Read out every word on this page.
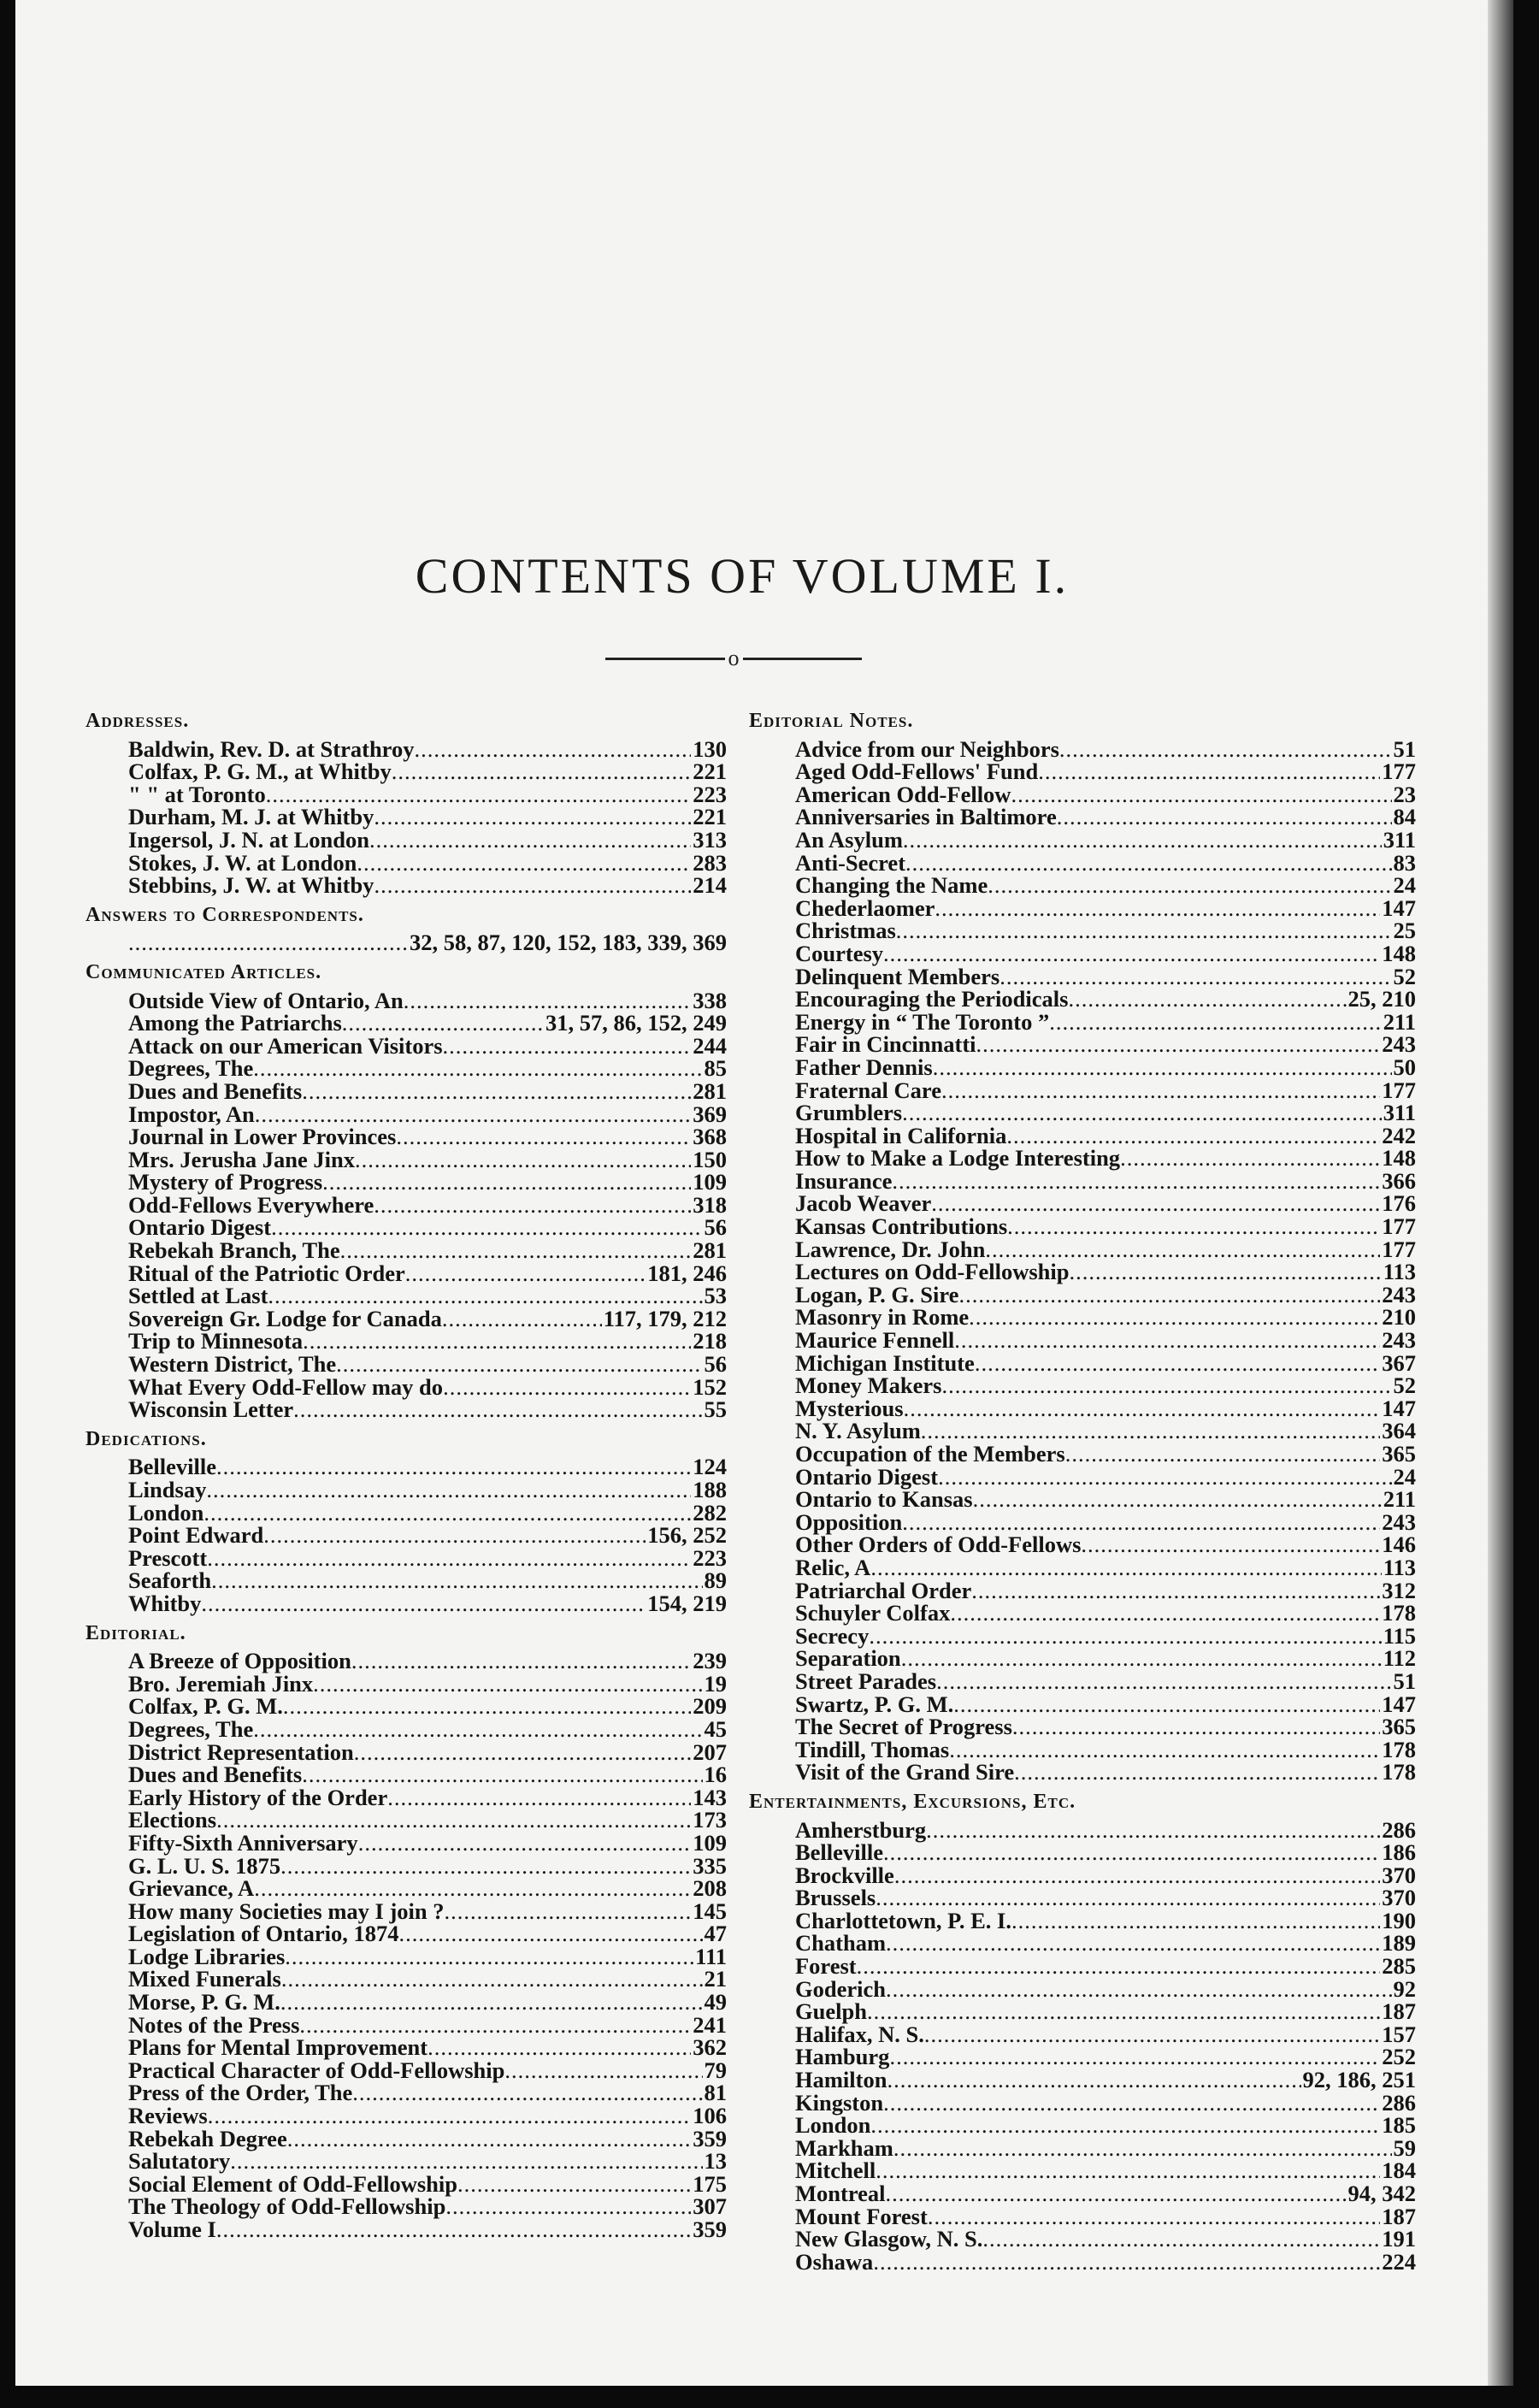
CONTENTS OF VOLUME I.
o
Addresses.
Baldwin, Rev. D. at Strathroy .....	130
Colfax, P. G. M., at Whitby .....	221
" " at Toronto .....	223
Durham, M. J. at Whitby .....	221
Ingersol, J. N. at London .....	313
Stokes, J. W. at London .....	283
Stebbins, J. W. at Whitby .....	214
Answers to Correspondents.
.....
32, 58, 87, 120, 152, 183, 339, 369
Communicated Articles.
Outside View of Ontario, An .....	338
Among the Patriarchs .....	31, 57, 86, 152, 249
Attack on our American Visitors .....	244
Degrees, The .....	85
Dues and Benefits .....	281
Impostor, An .....	369
Journal in Lower Provinces .....	368
Mrs. Jerusha Jane Jinx .....	150
Mystery of Progress .....	109
Odd-Fellows Everywhere .....	318
Ontario Digest .....	56
Rebekah Branch, The .....	281
Ritual of the Patriotic Order .....	181, 246
Settled at Last .....	53
Sovereign Gr. Lodge for Canada .....	117, 179, 212
Trip to Minnesota .....	218
Western District, The .....	56
What Every Odd-Fellow may do .....	152
Wisconsin Letter .....	55
Dedications.
Belleville .....	124
Lindsay .....	188
London .....	282
Point Edward .....	156, 252
Prescott .....	223
Seaforth .....	89
Whitby .....	154, 219
Editorial.
A Breeze of Opposition .....	239
Bro. Jeremiah Jinx .....	19
Colfax, P. G. M. .....	209
Degrees, The .....	45
District Representation .....	207
Dues and Benefits .....	16
Early History of the Order .....	143
Elections .....	173
Fifty-Sixth Anniversary .....	109
G. L. U. S. 1875 .....	335
Grievance, A .....	208
How many Societies may I join ? .....	145
Legislation of Ontario, 1874 .....	47
Lodge Libraries .....	111
Mixed Funerals .....	21
Morse, P. G. M. .....	49
Notes of the Press .....	241
Plans for Mental Improvement .....	362
Practical Character of Odd-Fellowship .....	79
Press of the Order, The .....	81
Reviews .....	106
Rebekah Degree .....	359
Salutatory .....	13
Social Element of Odd-Fellowship .....	175
The Theology of Odd-Fellowship .....	307
Volume I .....	359
Editorial Notes.
Advice from our Neighbors .....	51
Aged Odd-Fellows' Fund .....	177
American Odd-Fellow .....	23
Anniversaries in Baltimore .....	84
An Asylum .....	311
Anti-Secret .....	83
Changing the Name .....	24
Chederlaomer .....	147
Christmas .....	25
Courtesy .....	148
Delinquent Members .....	52
Encouraging the Periodicals .....	25, 210
Energy in “ The Toronto ” .....	211
Fair in Cincinnatti .....	243
Father Dennis .....	50
Fraternal Care .....	177
Grumblers .....	311
Hospital in California .....	242
How to Make a Lodge Interesting .....	148
Insurance .....	366
Jacob Weaver .....	176
Kansas Contributions .....	177
Lawrence, Dr. John .....	177
Lectures on Odd-Fellowship .....	113
Logan, P. G. Sire .....	243
Masonry in Rome .....	210
Maurice Fennell .....	243
Michigan Institute .....	367
Money Makers .....	52
Mysterious .....	147
N. Y. Asylum .....	364
Occupation of the Members .....	365
Ontario Digest .....	24
Ontario to Kansas .....	211
Opposition .....	243
Other Orders of Odd-Fellows .....	146
Relic, A .....	113
Patriarchal Order .....	312
Schuyler Colfax .....	178
Secrecy .....	115
Separation .....	112
Street Parades .....	51
Swartz, P. G. M. .....	147
The Secret of Progress .....	365
Tindill, Thomas .....	178
Visit of the Grand Sire .....	178
Entertainments, Excursions, Etc.
Amherstburg .....	286
Belleville .....	186
Brockville .....	370
Brussels .....	370
Charlottetown, P. E. I. .....	190
Chatham .....	189
Forest .....	285
Goderich .....	92
Guelph .....	187
Halifax, N. S. .....	157
Hamburg .....	252
Hamilton .....	92, 186, 251
Kingston .....	286
London .....	185
Markham .....	59
Mitchell .....	184
Montreal .....	94, 342
Mount Forest .....	187
New Glasgow, N. S. .....	191
Oshawa .....	224
